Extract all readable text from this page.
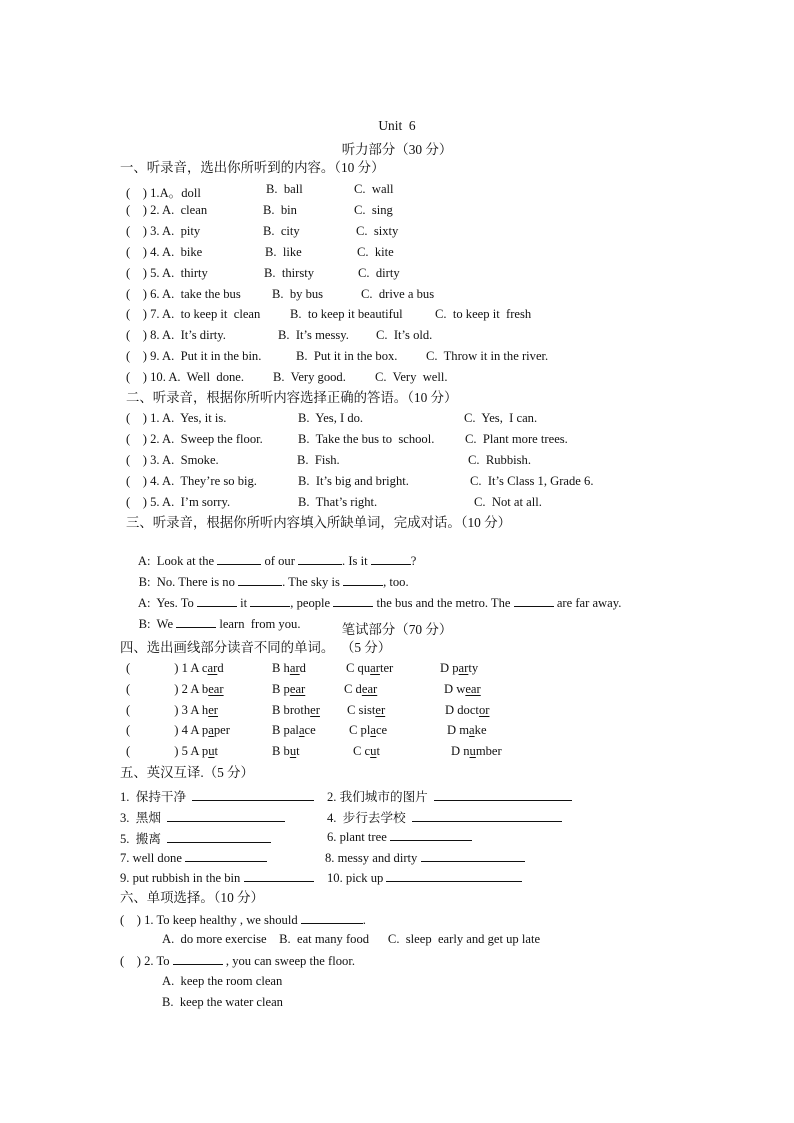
Unit  6
听力部分（30 分）
一、听录音，选出你所听到的内容。（10 分）
(    ) 1.A。doll	B.  ball	C.  wall
(    ) 2. A.  clean	B.  bin	C.  sing
(    ) 3. A.  pity	B.  city	C.  sixty
(    ) 4. A.  bike	B.  like	C.  kite
(    ) 5. A.  thirty	B.  thirsty	C.  dirty
(    ) 6. A.  take the bus B.  by bus	C.  drive a bus
(    ) 7. A.  to keep it  clean B.  to keep it beautiful	C.  to keep it  fresh
(    ) 8. A.  It’s dirty.	B.  It’s messy. C.  It’s old.
(    ) 9. A.  Put it in the bin.	B.  Put it in the box. C.  Throw it in the river.
(    ) 10. A.  Well  done. B.  Very good. C.  Very  well.
二、听录音，根据你所听内容选择正确的答语。（10 分）
(    ) 1. A.  Yes, it is.	B.  Yes, I do.	C.  Yes,  I can.
(    ) 2. A.  Sweep the floor.	B.  Take the bus to  school. C.  Plant more trees.
(    ) 3. A.  Smoke.	B.  Fish.	C.  Rubbish.
(    ) 4. A.  They’re so big.	B.  It’s big and bright.	C.  It’s Class 1, Grade 6.
(    ) 5. A.  I’m sorry.	B.  That’s right.	C.  Not at all.
三、听录音，根据你所听内容填入所缺单词，完成对话。（10 分）

A:  Look at the	of our	. Is it	?

B:  No. There is no	. The sky is	, too.

A:  Yes. To	it	, people	the bus and the metro. The	are far away.

B:  We	learn  from you.
	笔试部分（70 分）
四、选出画线部分读音不同的单词。  （5 分）
(              ) 1 A card	B hard	C quarter	D party
(              ) 2 A bear	B pear	C dear	D wear
(              ) 3 A her	B brother C sister	D doctor
(              ) 4 A paper	B palace	C place	D make
(              ) 5 A put	B but	C cut	D number
五、英汉互译.（5 分）
1.  保持干净	2. 我们城市的图片
3.  黑烟	4.  步行去学校
5.  搬离	6. plant tree
7. well done	8. messy and dirty
9. put rubbish in the bin	10. pick up
六、单项选择。（10 分）
(    ) 1. To keep healthy , we should	.
A.  do more exercise    B.  eat many food      C.  sleep  early and get up late
(    ) 2. To	, you can sweep the floor.
A.  keep the room clean
B.  keep the water clean
